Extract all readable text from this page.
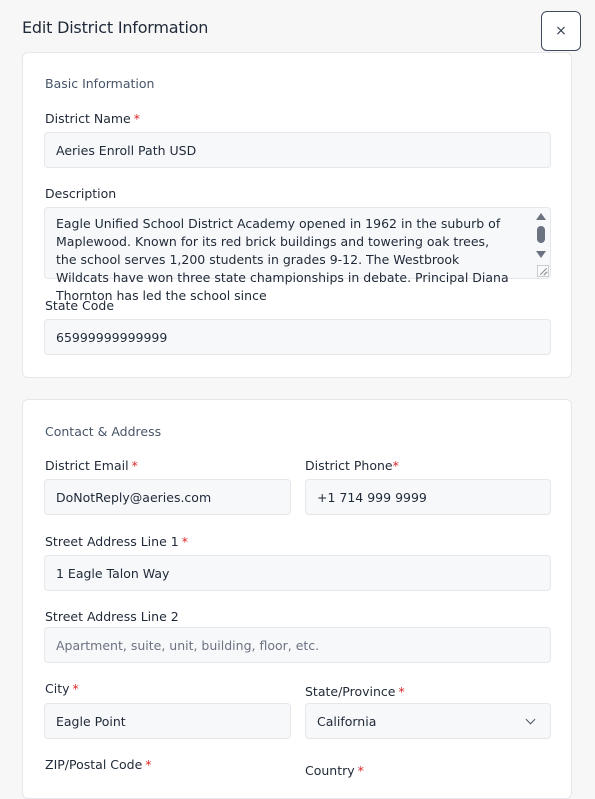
Edit District Information	×
Basic Information
District Name *
Aeries Enroll Path USD
Description
Eagle Unified School District Academy opened in 1962 in the suburb of Maplewood. Known for its red brick buildings and towering oak trees, the school serves 1,200 students in grades 9-12. The Westbrook Wildcats have won three state championships in debate. Principal Diana Thornton has led the school since
State Code
65999999999999
Contact & Address
District Email *
DoNotReply@aeries.com
District Phone*
+1 714 999 9999
Street Address Line 1 *
1 Eagle Talon Way
Street Address Line 2
Apartment, suite, unit, building, floor, etc.
City *
Eagle Point
State/Province *
California
ZIP/Postal Code *	Country *
